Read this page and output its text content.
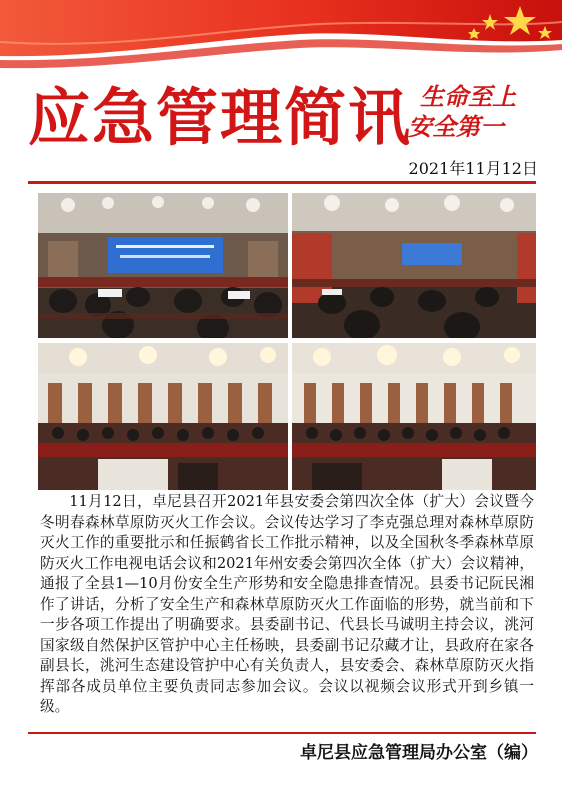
应急管理简讯 生命至上
安全第一
2021年11月12日
11月12日，卓尼县召开2021年县安委会第四次全体（扩大）会议暨今冬明春森林草原防灭火工作会议。会议传达学习了李克强总理对森林草原防灭火工作的重要批示和任振鹤省长工作批示精神，以及全国秋冬季森林草原防灭火工作电视电话会议和2021年州安委会第四次全体（扩大）会议精神，通报了全县1—10月份安全生产形势和安全隐患排查情况。县委书记阮民湘作了讲话，分析了安全生产和森林草原防灭火工作面临的形势，就当前和下一步各项工作提出了明确要求。县委副书记、代县长马诚明主持会议，洮河国家级自然保护区管护中心主任杨映，县委副书记尕藏才让，县政府在家各副县长，洮河生态建设管护中心有关负责人，县安委会、森林草原防灭火指挥部各成员单位主要负责同志参加会议。会议以视频会议形式开到乡镇一级。
卓尼县应急管理局办公室（编）
